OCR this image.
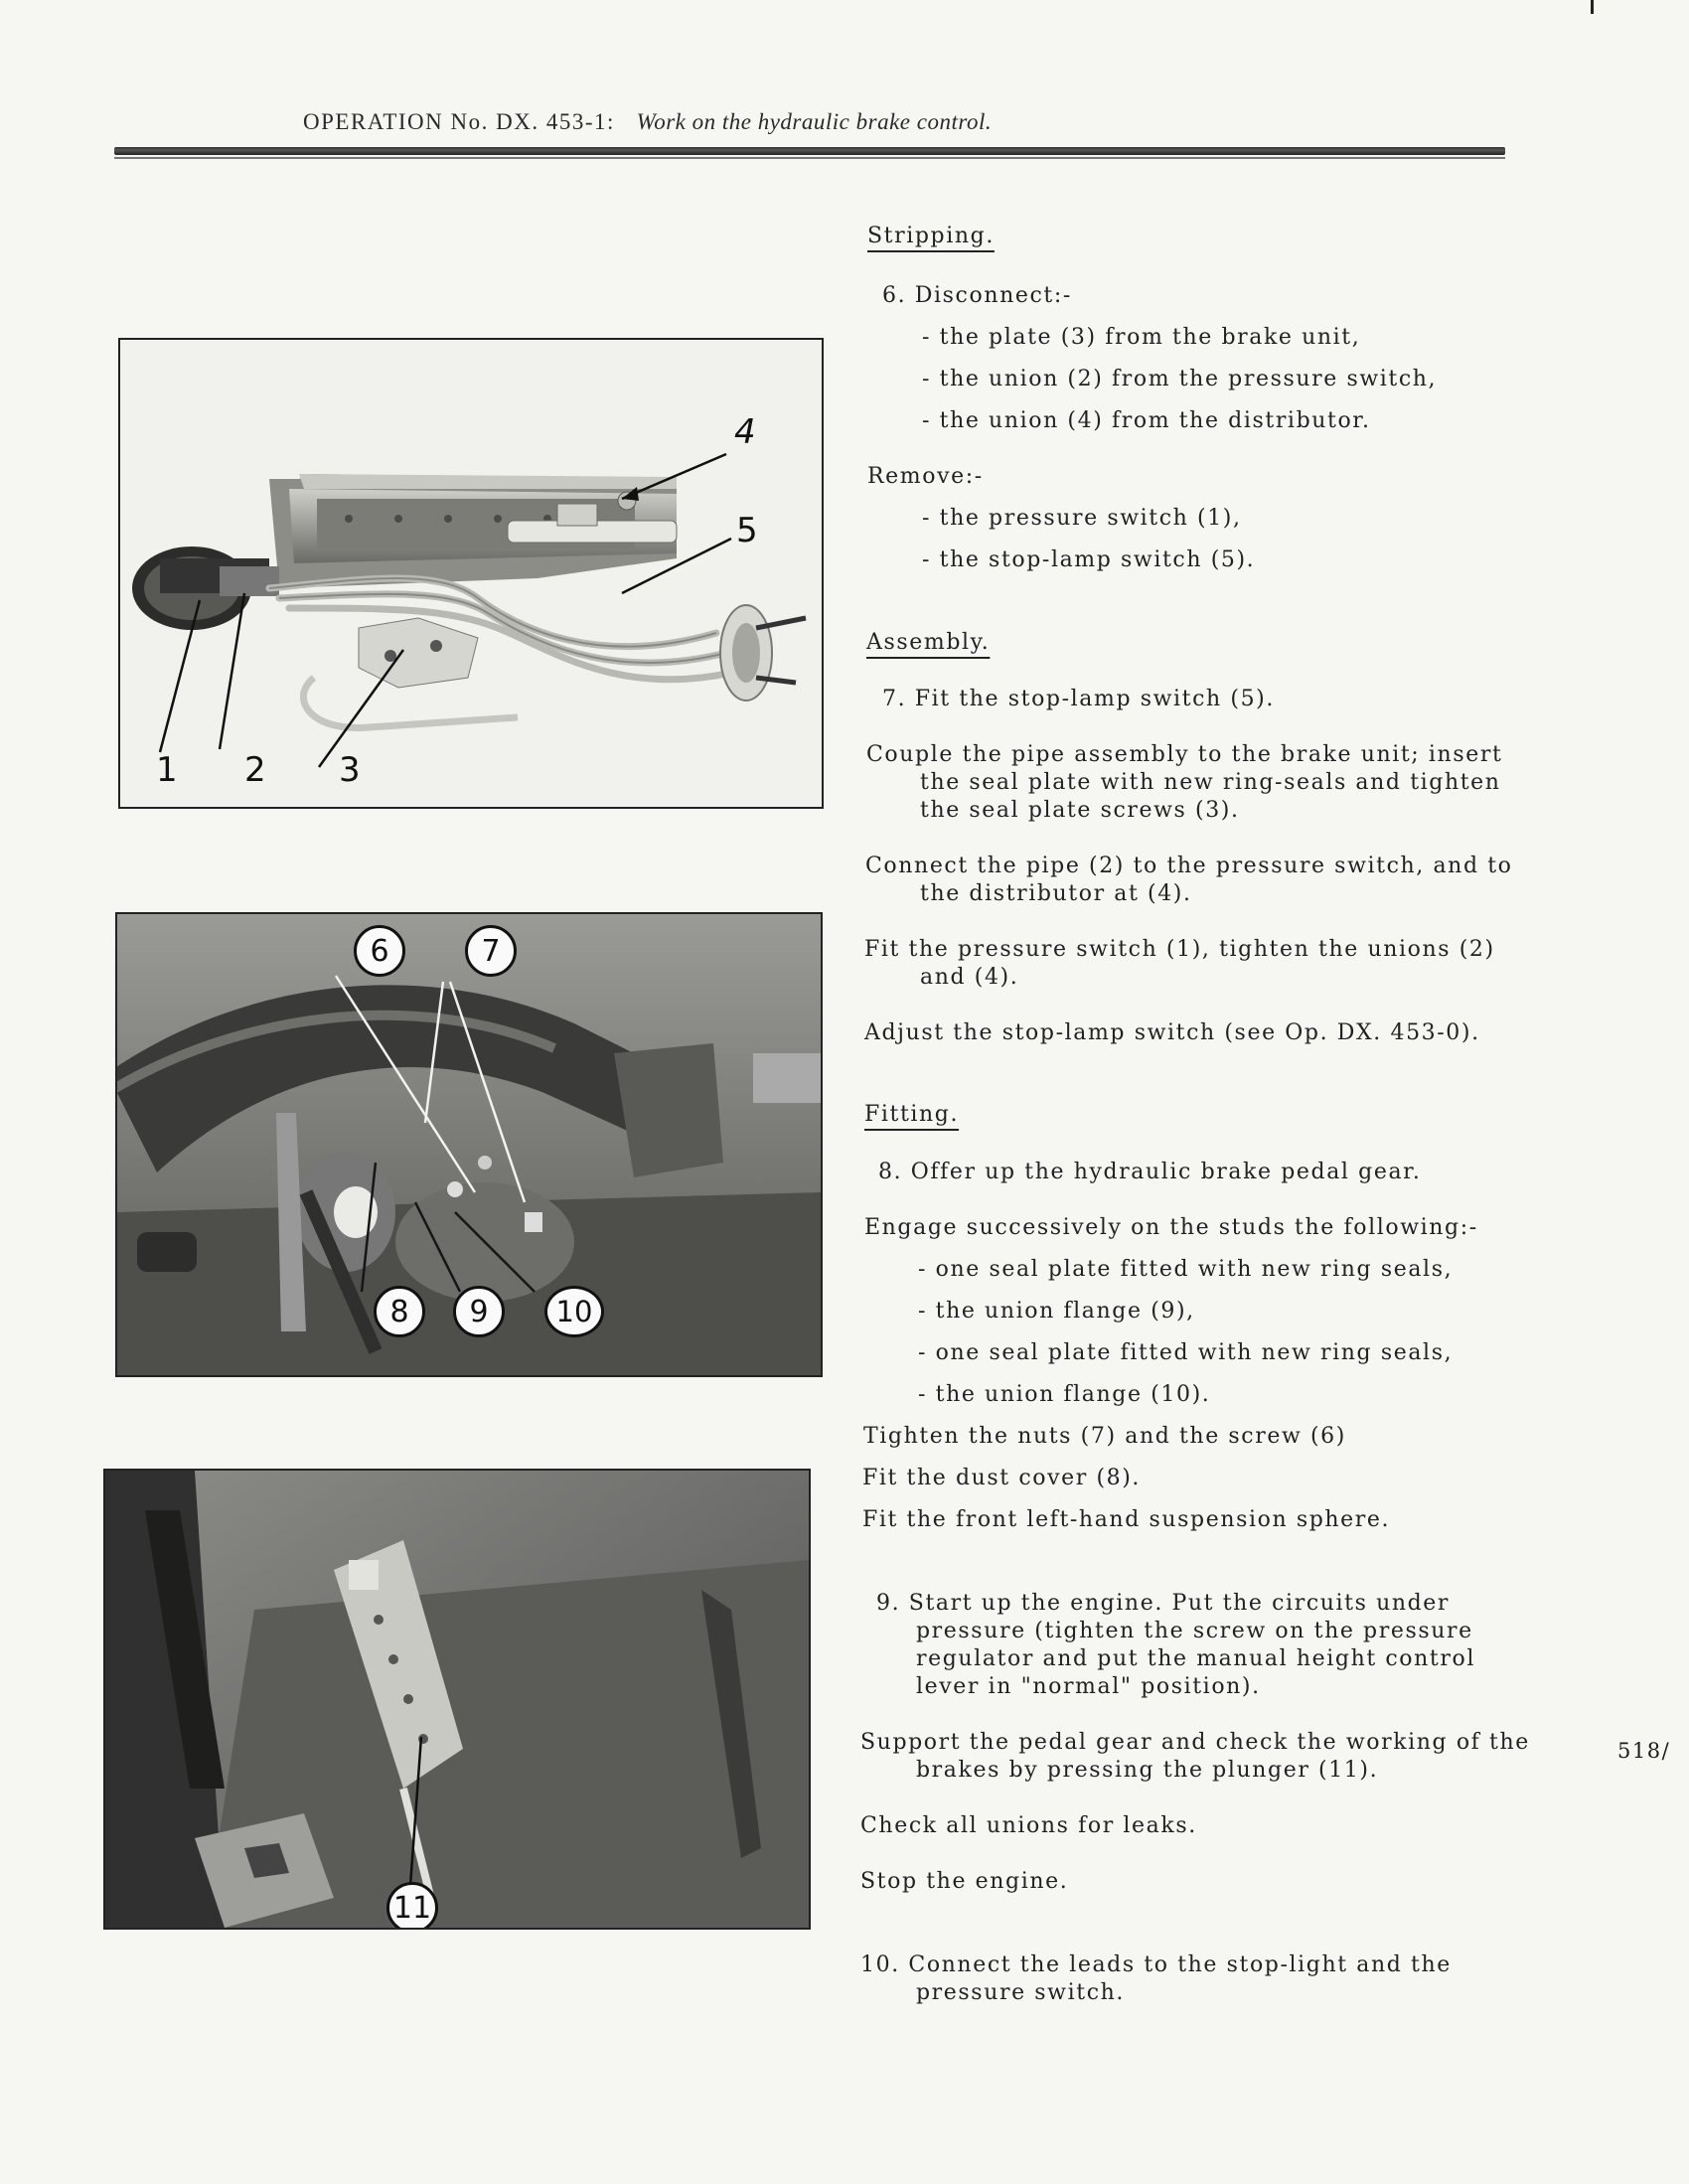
OPERATION No. DX. 453-1: Work on the hydraulic brake control.
1 2 3
4
5
6	7
8	9	10
11
Stripping.
6. Disconnect:-
- the plate (3) from the brake unit,
- the union (2) from the pressure switch,
- the union (4) from the distributor.
Remove:-
- the pressure switch (1),
- the stop-lamp switch (5).
Assembly.
7. Fit the stop-lamp switch (5).
Couple the pipe assembly to the brake unit; insert
the seal plate with new ring-seals and tighten
the seal plate screws (3).
Connect the pipe (2) to the pressure switch, and to
the distributor at (4).
Fit the pressure switch (1), tighten the unions (2)
and (4).
Adjust the stop-lamp switch (see Op. DX. 453-0).
Fitting.
8. Offer up the hydraulic brake pedal gear.
Engage successively on the studs the following:-
- one seal plate fitted with new ring seals,
- the union flange (9),
- one seal plate fitted with new ring seals,
- the union flange (10).
Tighten the nuts (7) and the screw (6)
Fit the dust cover (8).
Fit the front left-hand suspension sphere.
9. Start up the engine. Put the circuits under
pressure (tighten the screw on the pressure
regulator and put the manual height control
lever in "normal" position).
Support the pedal gear and check the working of the
brakes by pressing the plunger (11).
Check all unions for leaks.
Stop the engine.
10. Connect the leads to the stop-light and the
pressure switch.
518/
